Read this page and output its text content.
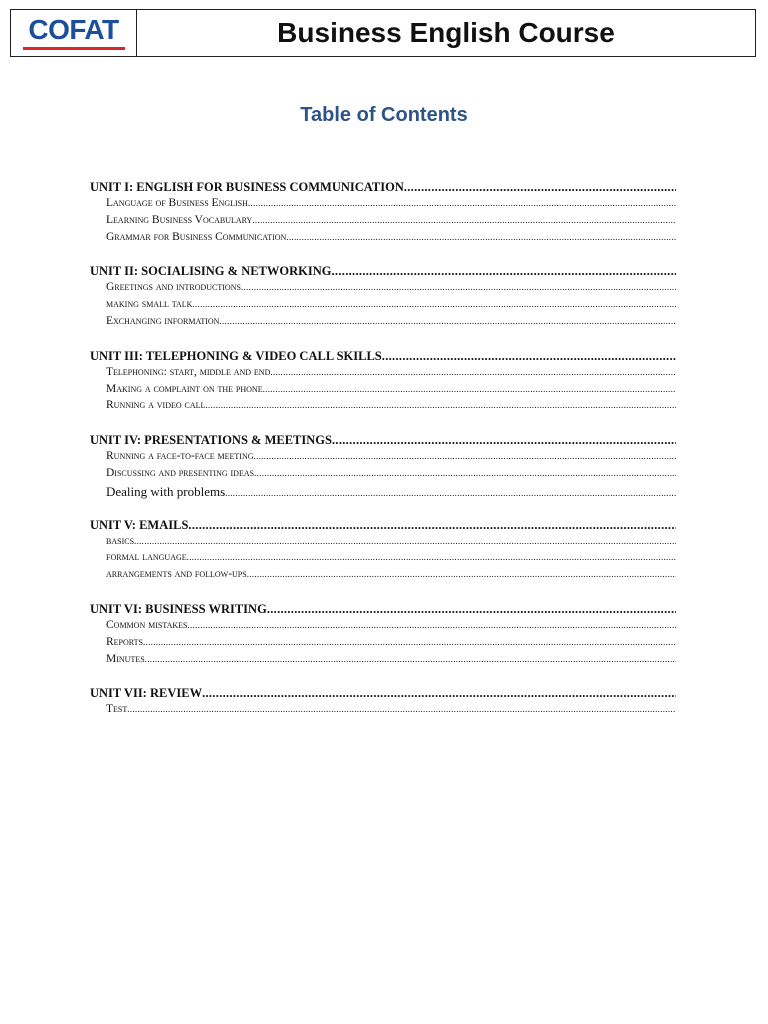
COFAT	Business English Course
Table of Contents
UNIT I: ENGLISH FOR BUSINESS COMMUNICATION
.....
Language of Business English
.....
Learning Business Vocabulary
.....
Grammar for Business Communication
.....
UNIT II: SOCIALISING & NETWORKING
.....
Greetings and introductions
.....
making small talk
.....
Exchanging information
.....
UNIT III: TELEPHONING & VIDEO CALL SKILLS
.....
Telephoning: start, middle and end
.....
Making a complaint on the phone
.....
Running a video call
.....
UNIT IV: PRESENTATIONS & MEETINGS
.....
Running a face-to-face meeting
.....
Discussing and presenting ideas
.....
Dealing with problems
.....
UNIT V: EMAILS
.....
basics
.....
formal language
.....
arrangements and follow-ups
.....
UNIT VI: BUSINESS WRITING
.....
Common mistakes
.....
Reports
.....
Minutes
.....
UNIT VII: REVIEW
.....
Test
.....
